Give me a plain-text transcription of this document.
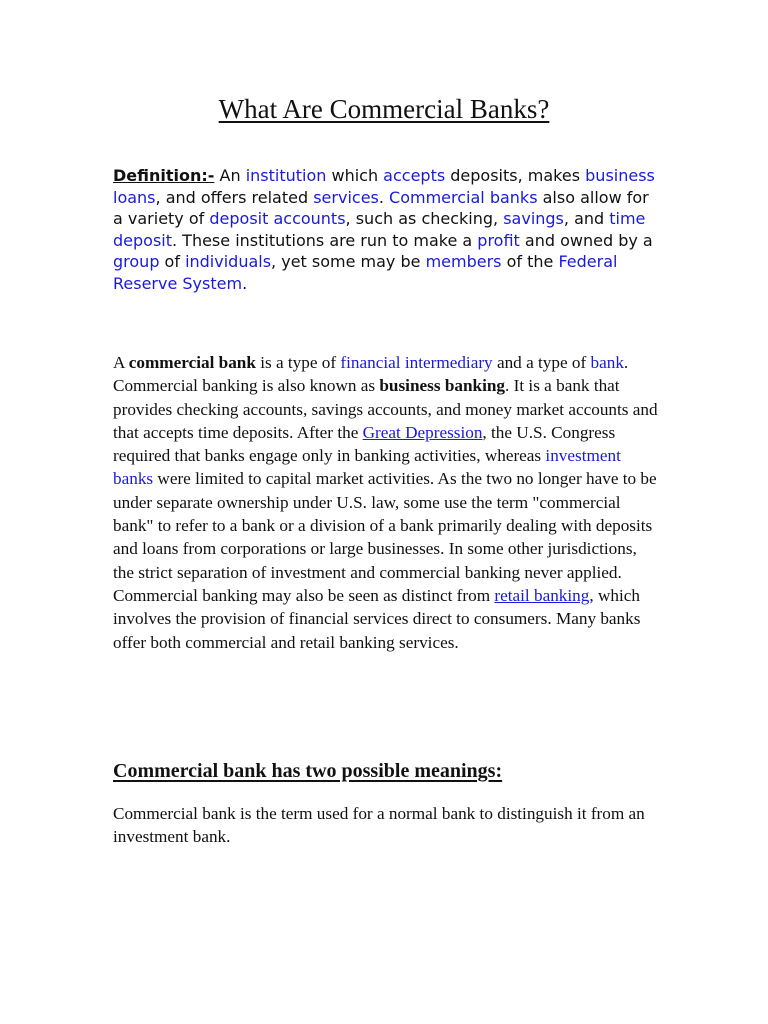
What Are Commercial Banks?

Definition:- An institution which accepts deposits, makes business loans, and offers related services. Commercial banks also allow for a variety of deposit accounts, such as checking, savings, and time deposit. These institutions are run to make a profit and owned by a group of individuals, yet some may be members of the Federal Reserve System.

A commercial bank is a type of financial intermediary and a type of bank. Commercial banking is also known as business banking. It is a bank that provides checking accounts, savings accounts, and money market accounts and that accepts time deposits. After the Great Depression, the U.S. Congress required that banks engage only in banking activities, whereas investment banks were limited to capital market activities. As the two no longer have to be under separate ownership under U.S. law, some use the term "commercial bank" to refer to a bank or a division of a bank primarily dealing with deposits and loans from corporations or large businesses. In some other jurisdictions, the strict separation of investment and commercial banking never applied. Commercial banking may also be seen as distinct from retail banking, which involves the provision of financial services direct to consumers. Many banks offer both commercial and retail banking services.

Commercial bank has two possible meanings:

Commercial bank is the term used for a normal bank to distinguish it from an investment bank.
